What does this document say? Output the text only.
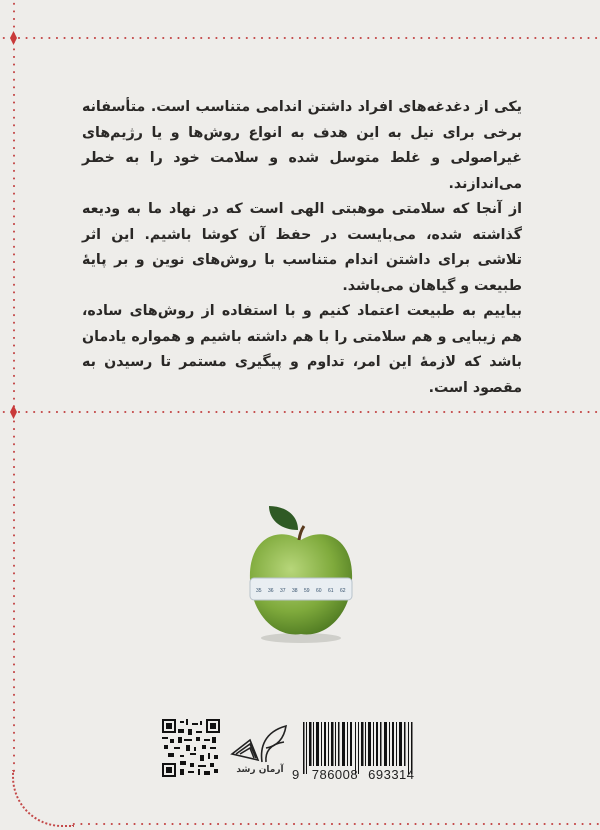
یکی از دغدغه‌های افراد داشتن اندامی متناسب است. متأسفانه برخی برای نیل به این هدف به انواع روش‌ها و یا رژیم‌های غیراصولی و غلط متوسل شده و سلامت خود را به خطر می‌اندازند.

از آنجا که سلامتی موهبتی الهی است که در نهاد ما به ودیعه گذاشته شده، می‌بایست در حفظ آن کوشا باشیم. این اثر تلاشی برای داشتن اندام متناسب با روش‌های نوین و بر پایهٔ طبیعت و گیاهان می‌باشد.

بیاییم به طبیعت اعتماد کنیم و با استفاده از روش‌های ساده، هم زیبایی و هم سلامتی را با هم داشته باشیم و همواره یادمان باشد که لازمهٔ این امر، تداوم و پیگیری مستمر تا رسیدن به مقصود است.

35 36 37 38 59 60 61 62
آرمان رشد 9 786008 693314
